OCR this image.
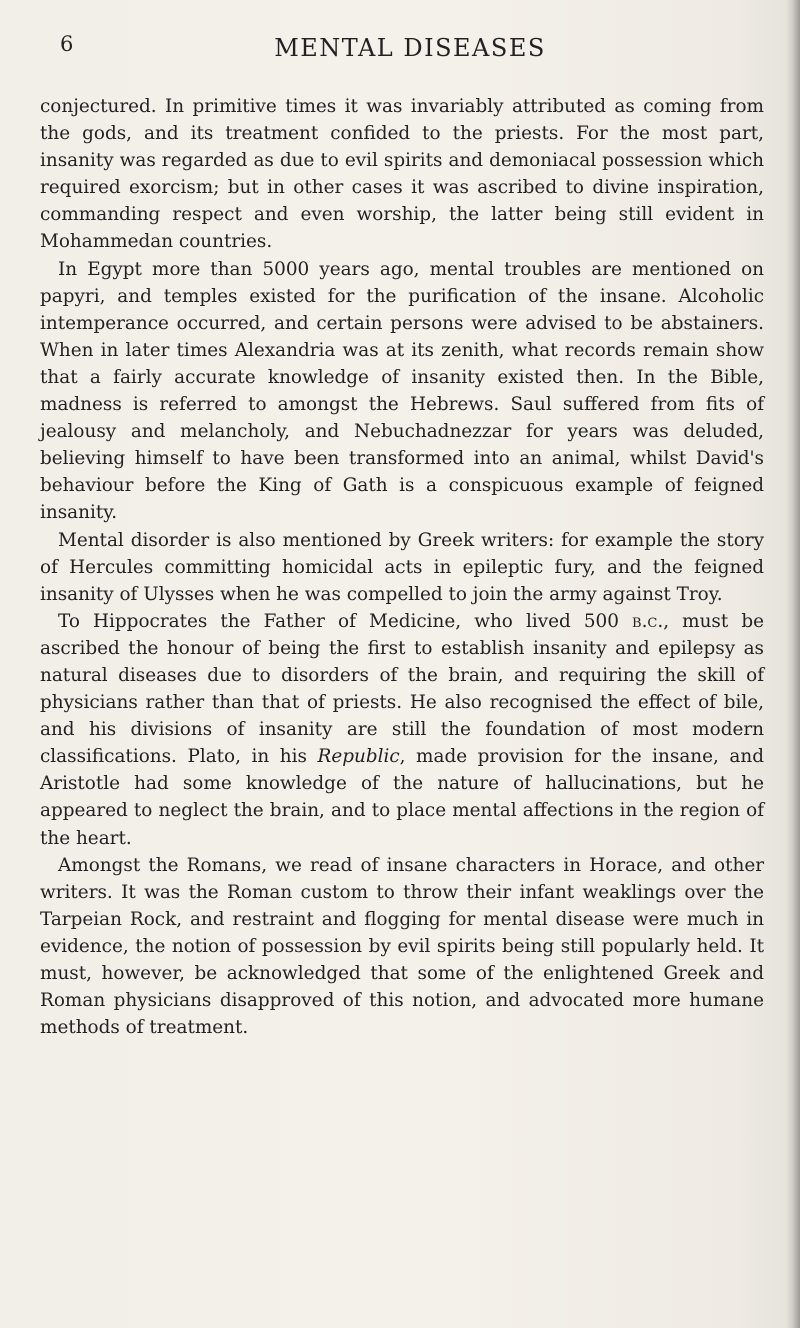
6	MENTAL DISEASES

conjectured. In primitive times it was invariably attributed as coming from the gods, and its treatment confided to the priests. For the most part, insanity was regarded as due to evil spirits and demoniacal possession which required exorcism; but in other cases it was ascribed to divine inspiration, commanding respect and even worship, the latter being still evident in Mohammedan countries.

In Egypt more than 5000 years ago, mental troubles are mentioned on papyri, and temples existed for the purification of the insane. Alcoholic intemperance occurred, and certain persons were advised to be abstainers. When in later times Alexandria was at its zenith, what records remain show that a fairly accurate knowledge of insanity existed then. In the Bible, madness is referred to amongst the Hebrews. Saul suffered from fits of jealousy and melancholy, and Nebuchadnezzar for years was deluded, believing himself to have been transformed into an animal, whilst David's behaviour before the King of Gath is a conspicuous example of feigned insanity.

Mental disorder is also mentioned by Greek writers: for example the story of Hercules committing homicidal acts in epileptic fury, and the feigned insanity of Ulysses when he was compelled to join the army against Troy.

To Hippocrates the Father of Medicine, who lived 500 b.c., must be ascribed the honour of being the first to establish insanity and epilepsy as natural diseases due to disorders of the brain, and requiring the skill of physicians rather than that of priests. He also recognised the effect of bile, and his divisions of insanity are still the foundation of most modern classifications. Plato, in his Republic, made provision for the insane, and Aristotle had some knowledge of the nature of hallucinations, but he appeared to neglect the brain, and to place mental affections in the region of the heart.

Amongst the Romans, we read of insane characters in Horace, and other writers. It was the Roman custom to throw their infant weaklings over the Tarpeian Rock, and restraint and flogging for mental disease were much in evidence, the notion of possession by evil spirits being still popularly held. It must, however, be acknowledged that some of the enlightened Greek and Roman physicians disapproved of this notion, and advocated more humane methods of treatment.
